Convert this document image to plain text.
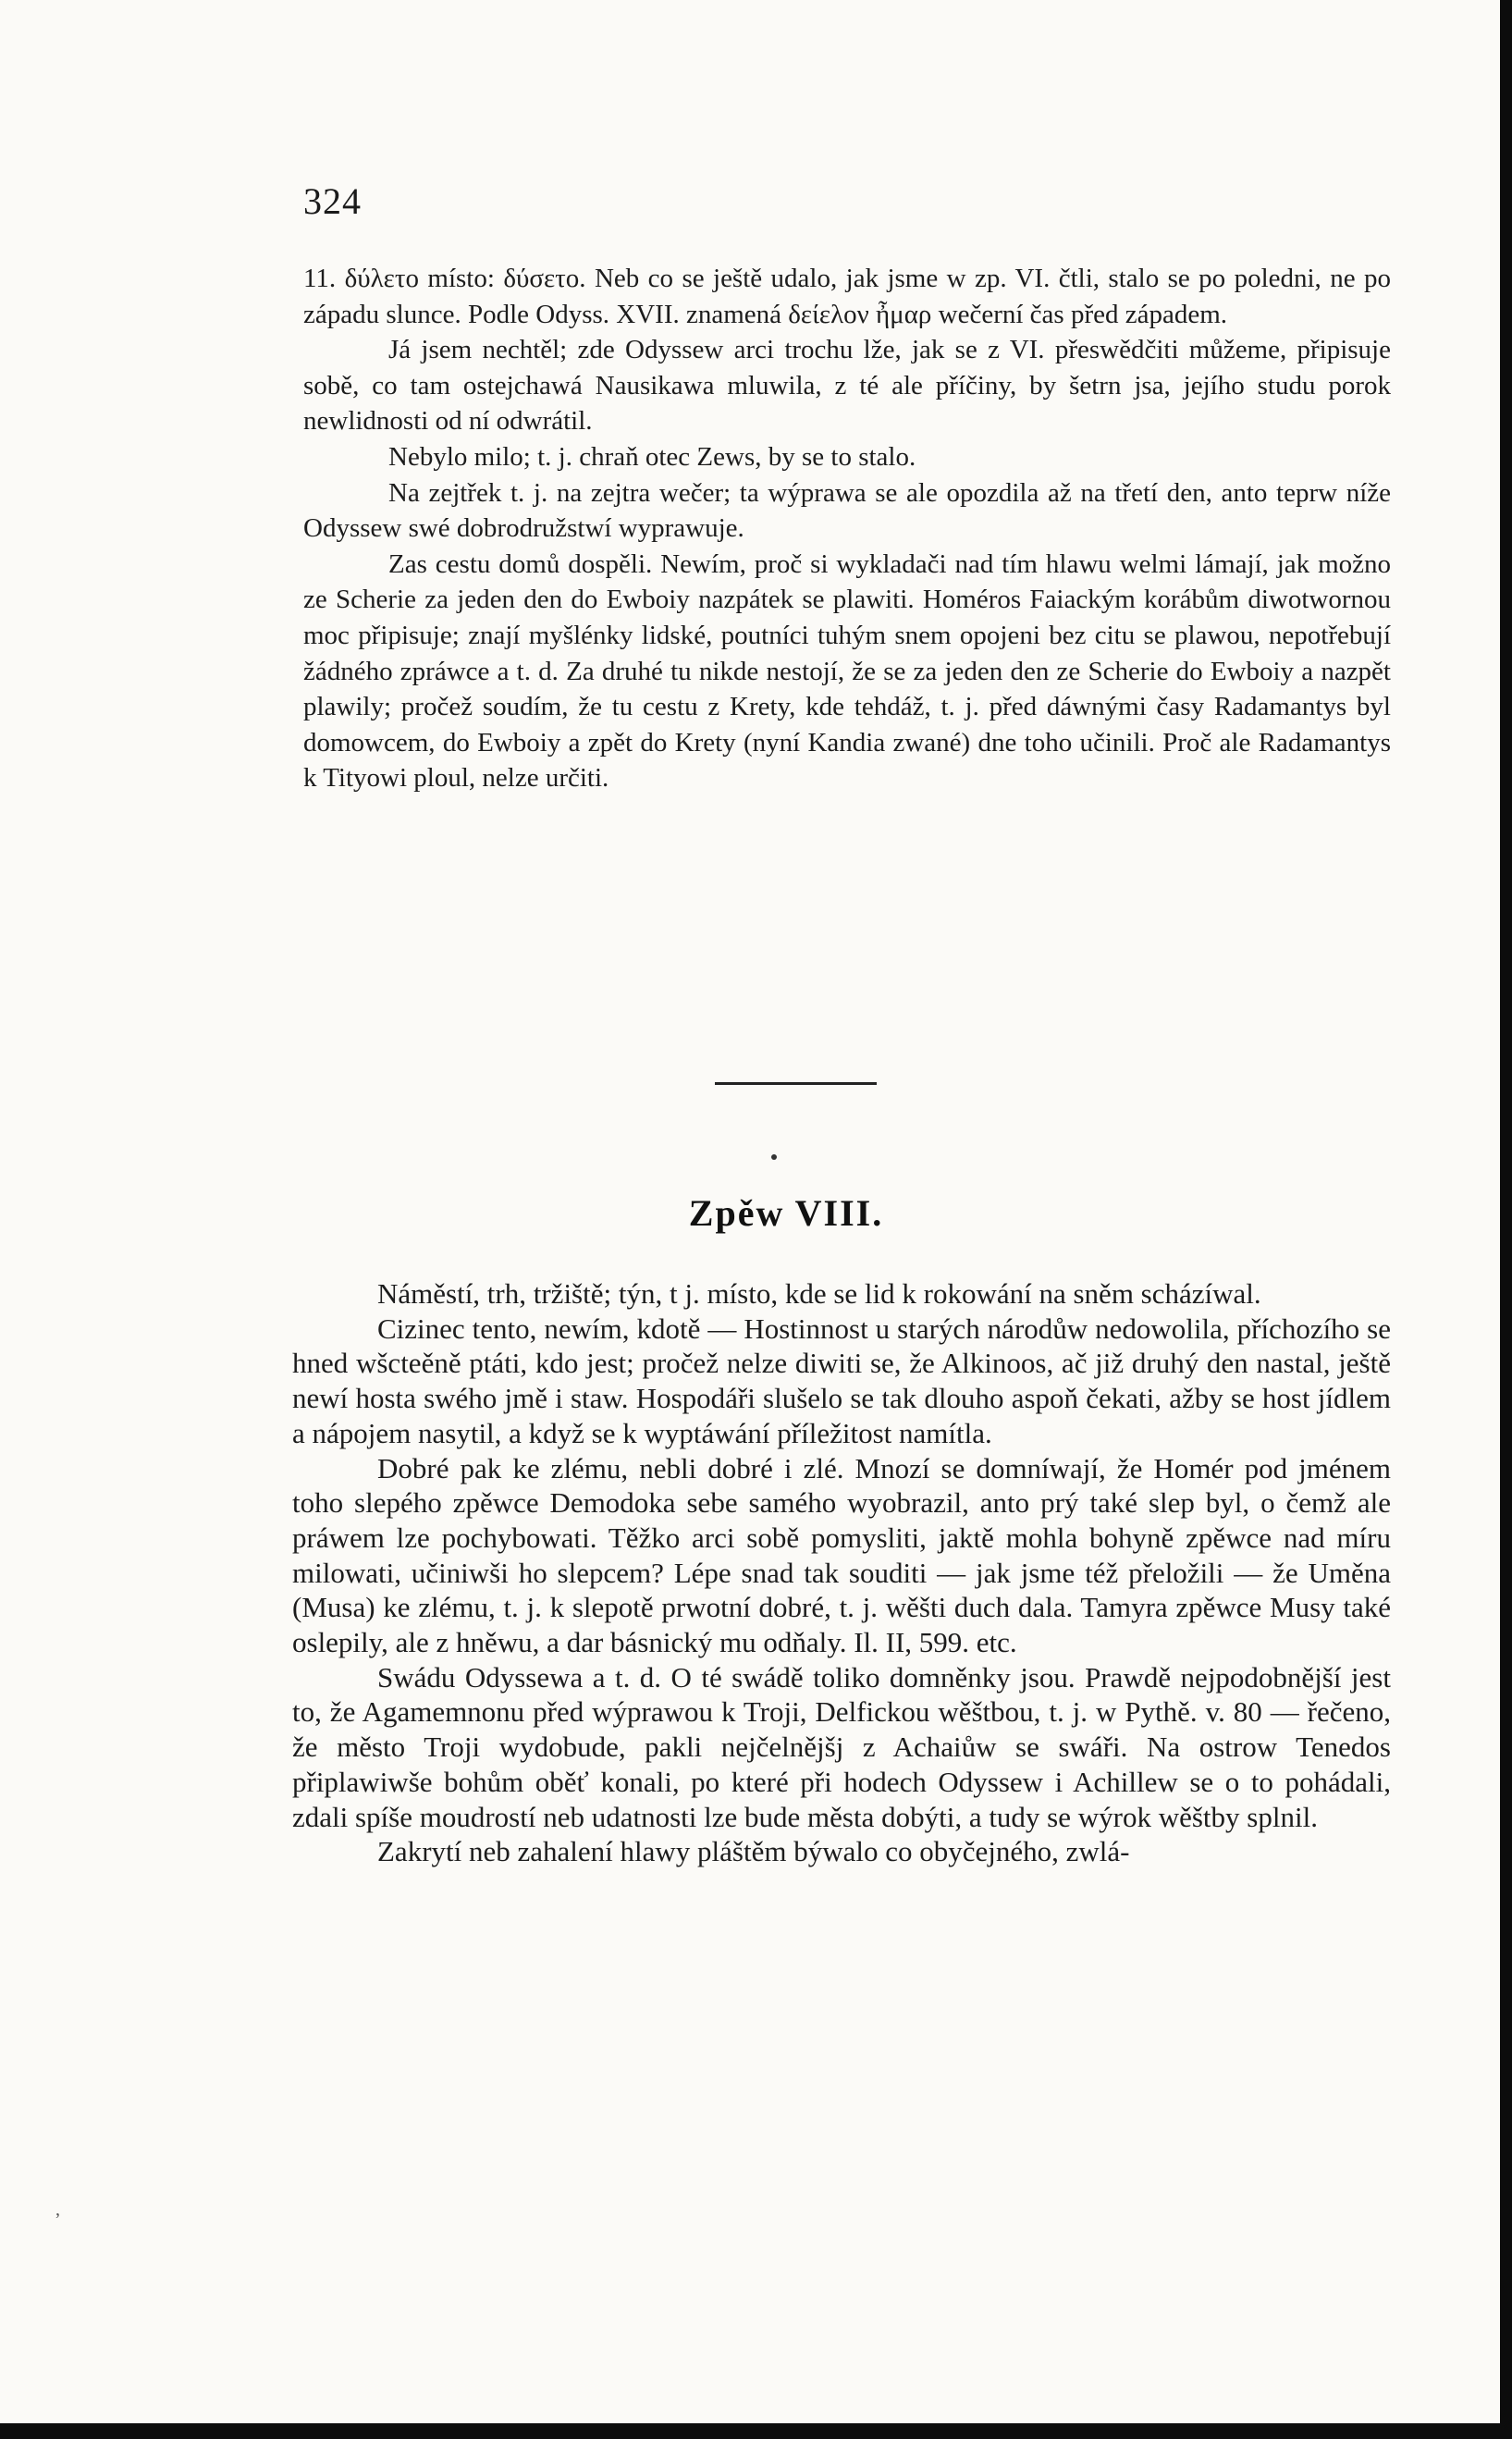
324

11. δύλετο místo: δύσετο. Neb co se ještě udalo, jak jsme w zp. VI. čtli, stalo se po poledni, ne po západu slunce. Podle Odyss. XVII. znamená δείελον ἦμαρ wečerní čas před západem.

Já jsem nechtěl; zde Odyssew arci trochu lže, jak se z VI. přeswědčiti můžeme, připisuje sobě, co tam ostejchawá Nausikawa mluwila, z té ale příčiny, by šetrn jsa, jejího studu porok newlidnosti od ní odwrátil.

Nebylo milo; t. j. chraň otec Zews, by se to stalo.

Na zejtřek t. j. na zejtra wečer; ta wýprawa se ale opozdila až na třetí den, anto teprw níže Odyssew swé dobrodružstwí wyprawuje.

Zas cestu domů dospěli. Newím, proč si wykladači nad tím hlawu welmi lámají, jak možno ze Scherie za jeden den do Ewboiy nazpátek se plawiti. Homéros Faiackým korábům diwotwornou moc připisuje; znají myšlénky lidské, poutníci tuhým snem opojeni bez citu se plawou, nepotřebují žádného zpráwce a t. d. Za druhé tu nikde nestojí, že se za jeden den ze Scherie do Ewboiy a nazpět plawily; pročež soudím, že tu cestu z Krety, kde tehdáž, t. j. před dáwnými časy Radamantys byl domowcem, do Ewboiy a zpět do Krety (nyní Kandia zwané) dne toho učinili. Proč ale Radamantys k Tityowi ploul, nelze určiti.

Zpěw VIII.

Náměstí, trh, tržiště; týn, t j. místo, kde se lid k rokowání na sněm scházíwal.

Cizinec tento, newím, kdotě — Hostinnost u starých národůw nedowolila, příchozího se hned wšcteěně ptáti, kdo jest; pročež nelze diwiti se, že Alkinoos, ač již druhý den nastal, ještě newí hosta swého jmě i staw. Hospodáři slušelo se tak dlouho aspoň čekati, ažby se host jídlem a nápojem nasytil, a když se k wyptáwání příležitost namítla.

Dobré pak ke zlému, nebli dobré i zlé. Mnozí se domníwají, že Homér pod jménem toho slepého zpěwce Demodoka sebe samého wyobrazil, anto prý také slep byl, o čemž ale práwem lze pochybowati. Těžko arci sobě pomysliti, jaktě mohla bohyně zpěwce nad míru milowati, učiniwši ho slepcem? Lépe snad tak souditi — jak jsme též přeložili — že Uměna (Musa) ke zlému, t. j. k slepotě prwotní dobré, t. j. wěšti duch dala. Tamyra zpěwce Musy také oslepily, ale z hněwu, a dar básnický mu odňaly. Il. II, 599. etc.

Swádu Odyssewa a t. d. O té swádě toliko domněnky jsou. Prawdě nejpodobnější jest to, že Agamemnonu před wýprawou k Troji, Delfickou wěštbou, t. j. w Pythě. v. 80 — řečeno, že město Troji wydobude, pakli nejčelnějšj z Achaiůw se swáři. Na ostrow Tenedos připlawiwše bohům oběť konali, po které při hodech Odyssew i Achillew se o to pohádali, zdali spíše moudrostí neb udatnosti lze bude města dobýti, a tudy se wýrok wěštby splnil.

Zakrytí neb zahalení hlawy pláštěm býwalo co obyčejného, zwlá-

,
